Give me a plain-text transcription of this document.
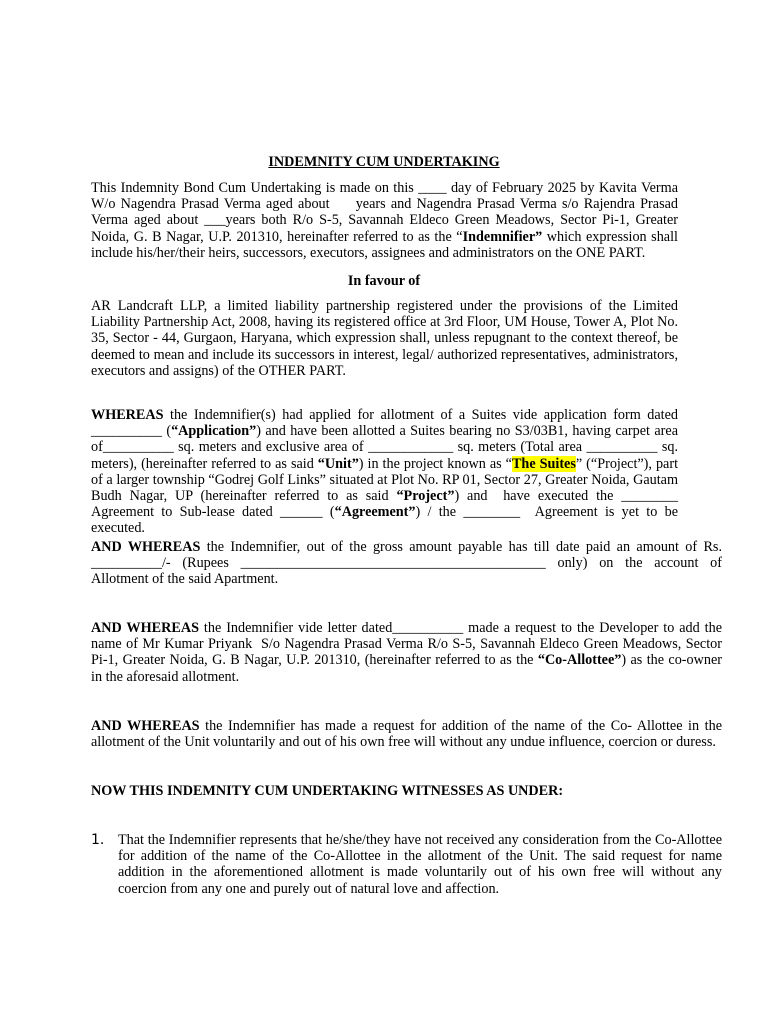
INDEMNITY CUM UNDERTAKING
This Indemnity Bond Cum Undertaking is made on this ____ day of February 2025 by Kavita Verma W/o Nagendra Prasad Verma aged about     years and Nagendra Prasad Verma s/o Rajendra Prasad Verma aged about ___years both R/o S-5, Savannah Eldeco Green Meadows, Sector Pi-1, Greater Noida, G. B Nagar, U.P. 201310, hereinafter referred to as the “Indemnifier” which expression shall include his/her/their heirs, successors, executors, assignees and administrators on the ONE PART.
In favour of
AR Landcraft LLP, a limited liability partnership registered under the provisions of the Limited Liability Partnership Act, 2008, having its registered office at 3rd Floor, UM House, Tower A, Plot No. 35, Sector - 44, Gurgaon, Haryana, which expression shall, unless repugnant to the context thereof, be deemed to mean and include its successors in interest, legal/ authorized representatives, administrators, executors and assigns) of the OTHER PART.
WHEREAS the Indemnifier(s) had applied for allotment of a Suites vide application form dated __________ (“Application”) and have been allotted a Suites bearing no S3/03B1, having carpet area of__________ sq. meters and exclusive area of ____________ sq. meters (Total area __________ sq. meters), (hereinafter referred to as said “Unit”) in the project known as “The Suites” (“Project”), part of a larger township “Godrej Golf Links” situated at Plot No. RP 01, Sector 27, Greater Noida, Gautam Budh Nagar, UP (hereinafter referred to as said “Project”) and  have executed the ________ Agreement to Sub-lease dated ______ (“Agreement”) / the ________  Agreement is yet to be executed.
AND WHEREAS the Indemnifier, out of the gross amount payable has till date paid an amount of Rs. __________/- (Rupees ___________________________________________ only) on the account of Allotment of the said Apartment.
AND WHEREAS the Indemnifier vide letter dated__________ made a request to the Developer to add the name of Mr Kumar Priyank  S/o Nagendra Prasad Verma R/o S-5, Savannah Eldeco Green Meadows, Sector Pi-1, Greater Noida, G. B Nagar, U.P. 201310, (hereinafter referred to as the “Co-Allottee”) as the co-owner in the aforesaid allotment.
AND WHEREAS the Indemnifier has made a request for addition of the name of the Co- Allottee in the allotment of the Unit voluntarily and out of his own free will without any undue influence, coercion or duress.
NOW THIS INDEMNITY CUM UNDERTAKING WITNESSES AS UNDER:
1. That the Indemnifier represents that he/she/they have not received any consideration from the Co-Allottee for addition of the name of the Co-Allottee in the allotment of the Unit. The said request for name addition in the aforementioned allotment is made voluntarily out of his own free will without any coercion from any one and purely out of natural love and affection.
